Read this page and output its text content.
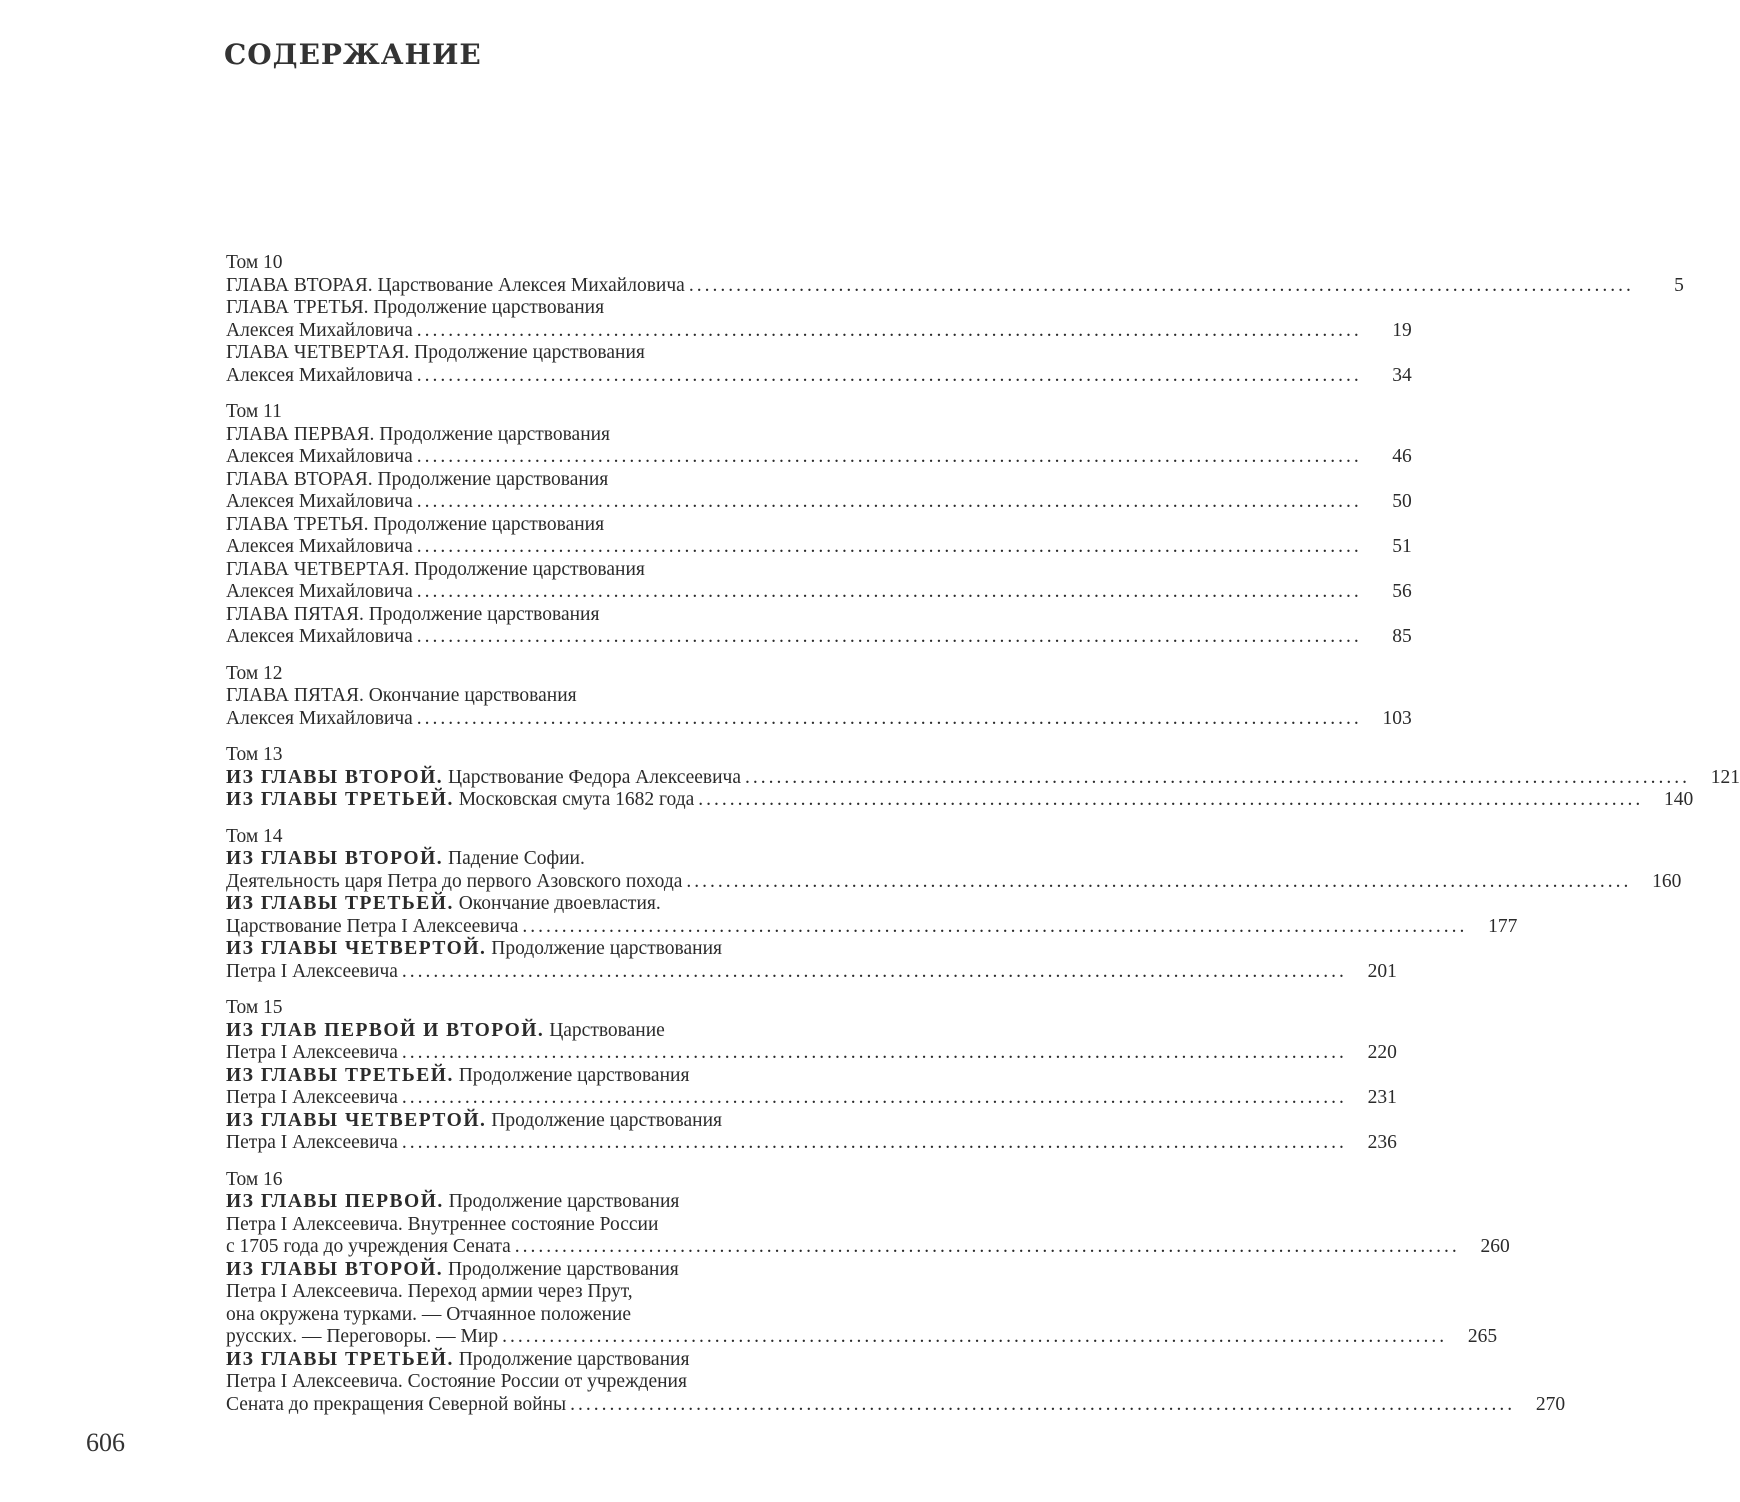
СОДЕРЖАНИЕ
Том 10
ГЛАВА ВТОРАЯ. Царствование Алексея Михайловича ........................................................................................................................	5
ГЛАВА ТРЕТЬЯ. Продолжение царствования
Алексея Михайловича ........................................................................................................................	19
ГЛАВА ЧЕТВЕРТАЯ. Продолжение царствования
Алексея Михайловича ........................................................................................................................	34
Том 11
ГЛАВА ПЕРВАЯ. Продолжение царствования
Алексея Михайловича ........................................................................................................................	46
ГЛАВА ВТОРАЯ. Продолжение царствования
Алексея Михайловича ........................................................................................................................	50
ГЛАВА ТРЕТЬЯ. Продолжение царствования
Алексея Михайловича ........................................................................................................................	51
ГЛАВА ЧЕТВЕРТАЯ. Продолжение царствования
Алексея Михайловича ........................................................................................................................	56
ГЛАВА ПЯТАЯ. Продолжение царствования
Алексея Михайловича ........................................................................................................................	85
Том 12
ГЛАВА ПЯТАЯ. Окончание царствования
Алексея Михайловича ........................................................................................................................	103
Том 13
ИЗ ГЛАВЫ ВТОРОЙ. Царствование Федора Алексеевича ........................................................................................................................	121
ИЗ ГЛАВЫ ТРЕТЬЕЙ. Московская смута 1682 года ........................................................................................................................	140
Том 14
ИЗ ГЛАВЫ ВТОРОЙ. Падение Софии.
Деятельность царя Петра до первого Азовского похода ........................................................................................................................	160
ИЗ ГЛАВЫ ТРЕТЬЕЙ. Окончание двоевластия.
Царствование Петра I Алексеевича ........................................................................................................................	177
ИЗ ГЛАВЫ ЧЕТВЕРТОЙ. Продолжение царствования
Петра I Алексеевича ........................................................................................................................	201
Том 15
ИЗ ГЛАВ ПЕРВОЙ И ВТОРОЙ. Царствование
Петра I Алексеевича ........................................................................................................................	220
ИЗ ГЛАВЫ ТРЕТЬЕЙ. Продолжение царствования
Петра I Алексеевича ........................................................................................................................	231
ИЗ ГЛАВЫ ЧЕТВЕРТОЙ. Продолжение царствования
Петра I Алексеевича ........................................................................................................................	236
Том 16
ИЗ ГЛАВЫ ПЕРВОЙ. Продолжение царствования
Петра I Алексеевича. Внутреннее состояние России
с 1705 года до учреждения Сената ........................................................................................................................	260
ИЗ ГЛАВЫ ВТОРОЙ. Продолжение царствования
Петра I Алексеевича. Переход армии через Прут,
она окружена турками. — Отчаянное положение
русских. — Переговоры. — Мир ........................................................................................................................	265
ИЗ ГЛАВЫ ТРЕТЬЕЙ. Продолжение царствования
Петра I Алексеевича. Состояние России от учреждения
Сената до прекращения Северной войны ........................................................................................................................	270
606
